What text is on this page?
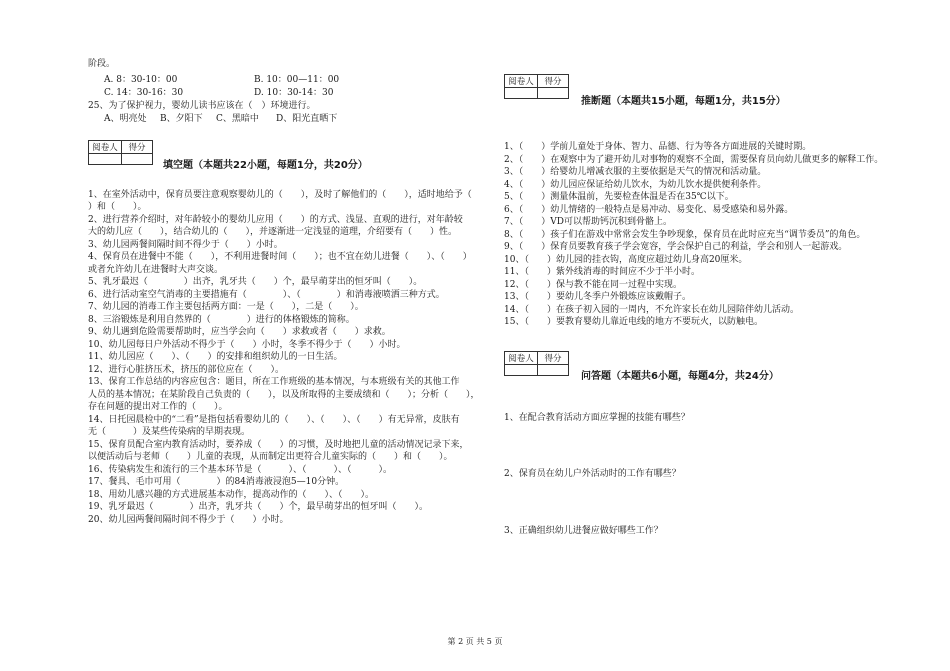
阶段。
A. 8：30-10：00	B. 10：00—11：00
C. 14：30-16：30	D. 10：30-14：30
25、为了保护视力，婴幼儿读书应该在（　）环境进行。
A、明亮处	B、夕阳下	C、黑暗中	D、阳光直晒下
阅卷人	得分

填空题（本题共22小题，每题1分，共20分）
1、在室外活动中，保育员要注意观察婴幼儿的（　　），及时了解他们的（　　），适时地给予（
）和（　　）。
2、进行营养介绍时，对年龄较小的婴幼儿应用（　　）的方式、浅显、直观的进行，对年龄较
大的幼儿应（　　），结合幼儿的（　　），并逐渐进一定浅显的道理，介绍要有（　　）性。
3、幼儿园两餐间隔时间不得少于（　　）小时。
4、保育员在进餐中不能（　　），不利用进餐时间（　　）；也不宜在幼儿进餐（　　）、（　　）
或者允许幼儿在进餐时大声交谈。
5、乳牙最迟（　　　　）出齐，乳牙共（　　）个，最早萌芽出的恒牙叫（　　）。
6、进行活动室空气消毒的主要措施有（　　　　）、（　　　　）和消毒液喷洒三种方式。
7、幼儿园的消毒工作主要包括两方面：一是（　　），二是（　　）。
8、三浴锻炼是利用自然界的（　　　　）进行的体格锻炼的简称。
9、幼儿遇到危险需要帮助时，应当学会向（　　）求救或者（　　）求救。
10、幼儿园每日户外活动不得少于（　　）小时，冬季不得少于（　　）小时。
11、幼儿园应（　　）、（　　）的安排和组织幼儿的一日生活。
12、进行心脏挤压术，挤压的部位应在（　　）。
13、保育工作总结的内容应包含：题目，所在工作班级的基本情况，与本班级有关的其他工作
人员的基本情况；在某阶段自己负责的（　　），以及所取得的主要成绩和（　　）；分析（　　），
存在问题的提出对工作的（　　）。
14、日托园晨检中的“二看”是指包括看婴幼儿的（　　）、（　　）、（　　）有无异常，皮肤有
无（　　　）及某些传染病的早期表现。
15、保育员配合室内教育活动时，要养成（　　）的习惯，及时地把儿童的活动情况记录下来，
以便活动后与老师（　　）儿童的表现，从而制定出更符合儿童实际的（　　）和（　　）。
16、传染病发生和流行的三个基本环节是（　　　）、（　　　）、（　　　）。
17、餐具、毛巾可用（　　　　）的84消毒液浸泡5—10分钟。
18、用幼儿感兴趣的方式进展基本动作，提高动作的（　　）、（　　）。
19、乳牙最迟（　　　　）出齐，乳牙共（　　）个，最早萌芽出的恒牙叫（　　）。
20、幼儿园两餐间隔时间不得少于（　　）小时。
阅卷人	得分

推断题（本题共15小题，每题1分，共15分）
1、（　　）学前儿童处于身体、智力、品德、行为等各方面进展的关键时期。
2、（　　）在观察中为了避开幼儿对事物的观察不全面，需要保育员向幼儿做更多的解释工作。
3、（　　）给婴幼儿增减衣服的主要依据是天气的情况和活动量。
4、（　　）幼儿园应保证给幼儿饮水，为幼儿饮水提供便利条件。
5、（　　）测量体温前，先要检查体温是否在35℃以下。
6、（　　）幼儿情绪的一般特点是易冲动、易变化、易受感染和易外露。
7、（　　）VD可以帮助钙沉积到骨骼上。
8、（　　）孩子们在游戏中常常会发生争吵现象，保育员在此时应充当“调节委员”的角色。
9、（　　）保育员要教育孩子学会宽容，学会保护自己的利益，学会和别人一起游戏。
10、（　　）幼儿园的挂衣钩，高度应超过幼儿身高20厘米。
11、（　　）紫外线消毒的时间应不少于半小时。
12、（　　）保与教不能在同一过程中实现。
13、（　　）要幼儿冬季户外锻炼应该戴帽子。
14、（　　）在孩子初入园的一周内，不允许家长在幼儿园陪伴幼儿活动。
15、（　　）要教育婴幼儿靠近电线的地方不要玩火，以防触电。
阅卷人	得分

问答题（本题共6小题，每题4分，共24分）
1、在配合教育活动方面应掌握的技能有哪些？
2、保育员在幼儿户外活动时的工作有哪些？
3、正确组织幼儿进餐应做好哪些工作？
第 2 页 共 5 页
